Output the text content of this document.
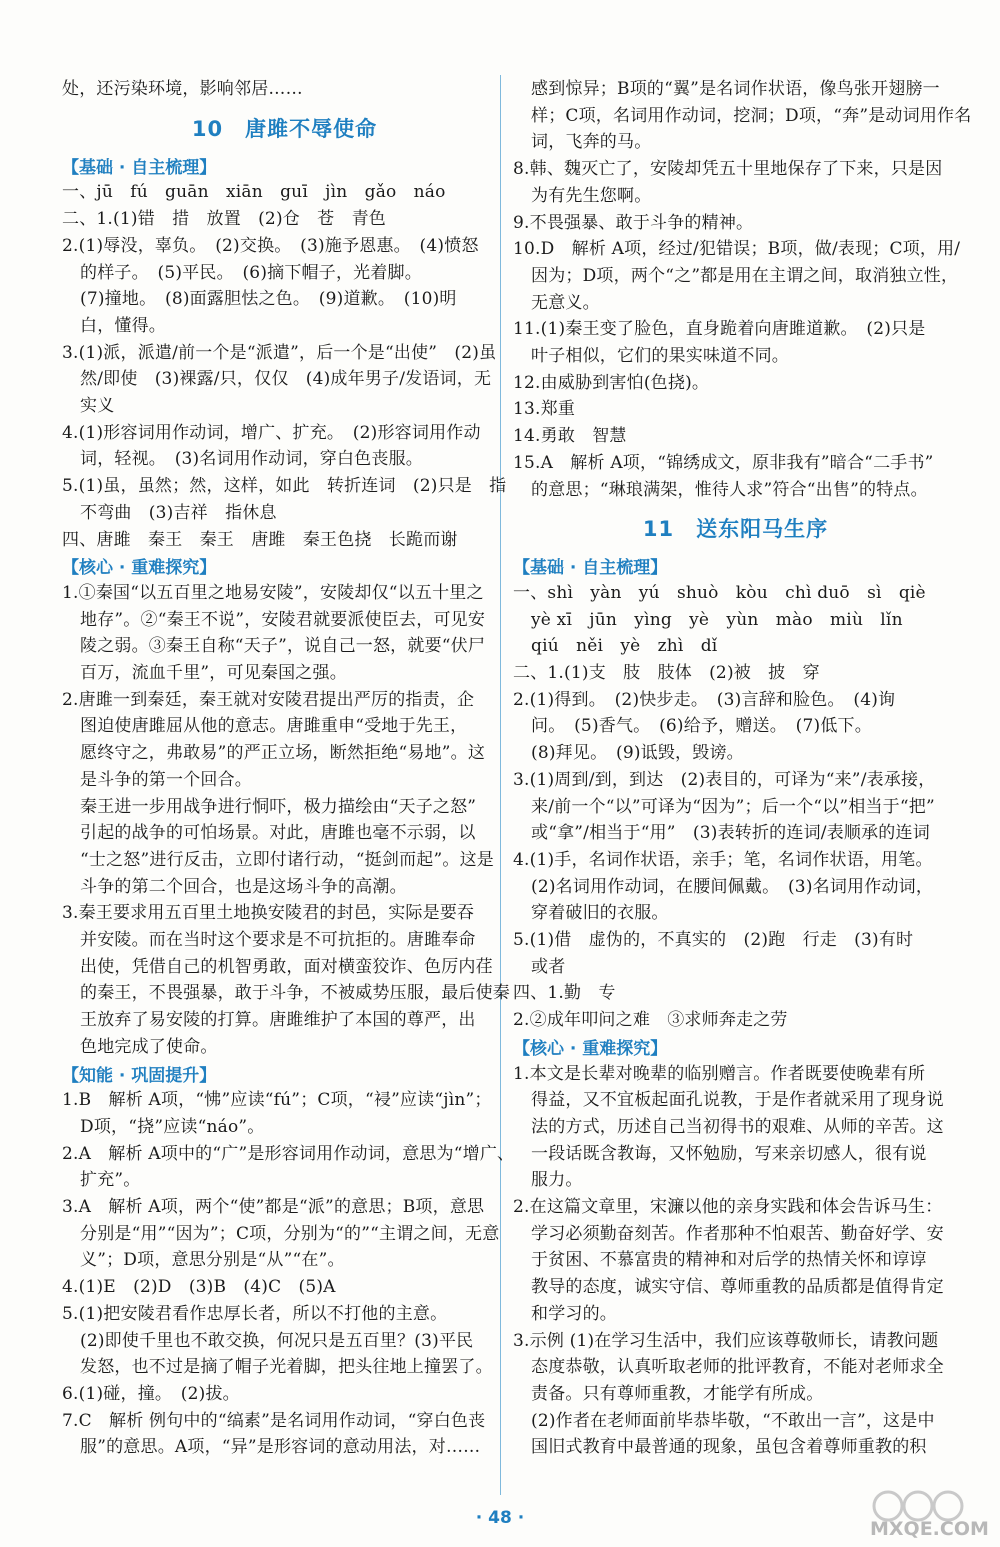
处，还污染环境，影响邻居……
10　唐雎不辱使命
【基础 · 自主梳理】
一、jū　fú　guān　xiān　guī　jìn　gǎo　náo
二、1.(1)错　措　放置　(2)仓　苍　青色
2.(1)辱没，辜负。　(2)交换。　(3)施予恩惠。　(4)愤怒
的样子。　(5)平民。　(6)摘下帽子，光着脚。
(7)撞地。　(8)面露胆怯之色。　(9)道歉。　(10)明
白，懂得。
3.(1)派，派遣/前一个是“派遣”，后一个是“出使”　(2)虽
然/即使　(3)裸露/只，仅仅　(4)成年男子/发语词，无
实义
4.(1)形容词用作动词，增广、扩充。　(2)形容词用作动
词，轻视。　(3)名词用作动词，穿白色丧服。
5.(1)虽，虽然；然，这样，如此　转折连词　(2)只是　指
不弯曲　(3)吉祥　指休息
四、唐雎　秦王　秦王　唐雎　秦王色挠　长跪而谢
【核心 · 重难探究】
1.①秦国“以五百里之地易安陵”，安陵却仅“以五十里之
地存”。②“秦王不说”，安陵君就要派使臣去，可见安
陵之弱。③秦王自称“天子”，说自己一怒，就要“伏尸
百万，流血千里”，可见秦国之强。
2.唐雎一到秦廷，秦王就对安陵君提出严厉的指责，企
图迫使唐雎屈从他的意志。唐雎重申“受地于先王，
愿终守之，弗敢易”的严正立场，断然拒绝“易地”。这
是斗争的第一个回合。
秦王进一步用战争进行恫吓，极力描绘由“天子之怒”
引起的战争的可怕场景。对此，唐雎也毫不示弱，以
“士之怒”进行反击，立即付诸行动，“挺剑而起”。这是
斗争的第二个回合，也是这场斗争的高潮。
3.秦王要求用五百里土地换安陵君的封邑，实际是要吞
并安陵。而在当时这个要求是不可抗拒的。唐雎奉命
出使，凭借自己的机智勇敢，面对横蛮狡诈、色厉内荏
的秦王，不畏强暴，敢于斗争，不被威势压服，最后使秦
王放弃了易安陵的打算。唐雎维护了本国的尊严，出
色地完成了使命。
【知能 · 巩固提升】
1.B　解析 A项，“怫”应读“fú”；C项，“祲”应读“jìn”；
D项，“挠”应读“náo”。
2.A　解析 A项中的“广”是形容词用作动词，意思为“增广、
扩充”。
3.A　解析 A项，两个“使”都是“派”的意思；B项，意思
分别是“用”“因为”；C项，分别为“的”“主谓之间，无意
义”；D项，意思分别是“从”“在”。
4.(1)E　(2)D　(3)B　(4)C　(5)A
5.(1)把安陵君看作忠厚长者，所以不打他的主意。
(2)即使千里也不敢交换，何况只是五百里？(3)平民
发怒，也不过是摘了帽子光着脚，把头往地上撞罢了。
6.(1)碰，撞。　(2)拔。
7.C　解析 例句中的“缟素”是名词用作动词，“穿白色丧
服”的意思。A项，“异”是形容词的意动用法，对……
感到惊异；B项的“翼”是名词作状语，像鸟张开翅膀一
样；C项，名词用作动词，挖洞；D项，“奔”是动词用作名
词，飞奔的马。
8.韩、魏灭亡了，安陵却凭五十里地保存了下来，只是因
为有先生您啊。
9.不畏强暴、敢于斗争的精神。
10.D　解析 A项，经过/犯错误；B项，做/表现；C项，用/
因为；D项，两个“之”都是用在主谓之间，取消独立性，
无意义。
11.(1)秦王变了脸色，直身跪着向唐雎道歉。　(2)只是
叶子相似，它们的果实味道不同。
12.由威胁到害怕(色挠)。
13.郑重
14.勇敢　智慧
15.A　解析 A项，“锦绣成文，原非我有”暗合“二手书”
的意思；“琳琅满架，惟待人求”符合“出售”的特点。
11　送东阳马生序
【基础 · 自主梳理】
一、shì　yàn　yú　shuò　kòu　chì duō　sì　qiè
yè xī　jūn　yìng　yè　yùn　mào　miù　lǐn
qiú　něi　yè　zhì　dǐ
二、1.(1)支　肢　肢体　(2)被　披　穿
2.(1)得到。　(2)快步走。　(3)言辞和脸色。　(4)询
问。　(5)香气。　(6)给予，赠送。　(7)低下。
(8)拜见。　(9)诋毁，毁谤。
3.(1)周到/到，到达　(2)表目的，可译为“来”/表承接，
来/前一个“以”可译为“因为”；后一个“以”相当于“把”
或“拿”/相当于“用”　(3)表转折的连词/表顺承的连词
4.(1)手，名词作状语，亲手；笔，名词作状语，用笔。
(2)名词用作动词，在腰间佩戴。　(3)名词用作动词，
穿着破旧的衣服。
5.(1)借　虚伪的，不真实的　(2)跑　行走　(3)有时
或者
四、1.勤　专
2.②成年叩问之难　③求师奔走之劳
【核心 · 重难探究】
1.本文是长辈对晚辈的临别赠言。作者既要使晚辈有所
得益，又不宜板起面孔说教，于是作者就采用了现身说
法的方式，历述自己当初得书的艰难、从师的辛苦。这
一段话既含教诲，又怀勉励，写来亲切感人，很有说
服力。
2.在这篇文章里，宋濂以他的亲身实践和体会告诉马生：
学习必须勤奋刻苦。作者那种不怕艰苦、勤奋好学、安
于贫困、不慕富贵的精神和对后学的热情关怀和谆谆
教导的态度，诚实守信、尊师重教的品质都是值得肯定
和学习的。
3.示例 (1)在学习生活中，我们应该尊敬师长，请教问题
态度恭敬，认真听取老师的批评教育，不能对老师求全
责备。只有尊师重教，才能学有所成。
(2)作者在老师面前毕恭毕敬，“不敢出一言”，这是中
国旧式教育中最普通的现象，虽包含着尊师重教的积
· 48 ·	MXQE.COM
